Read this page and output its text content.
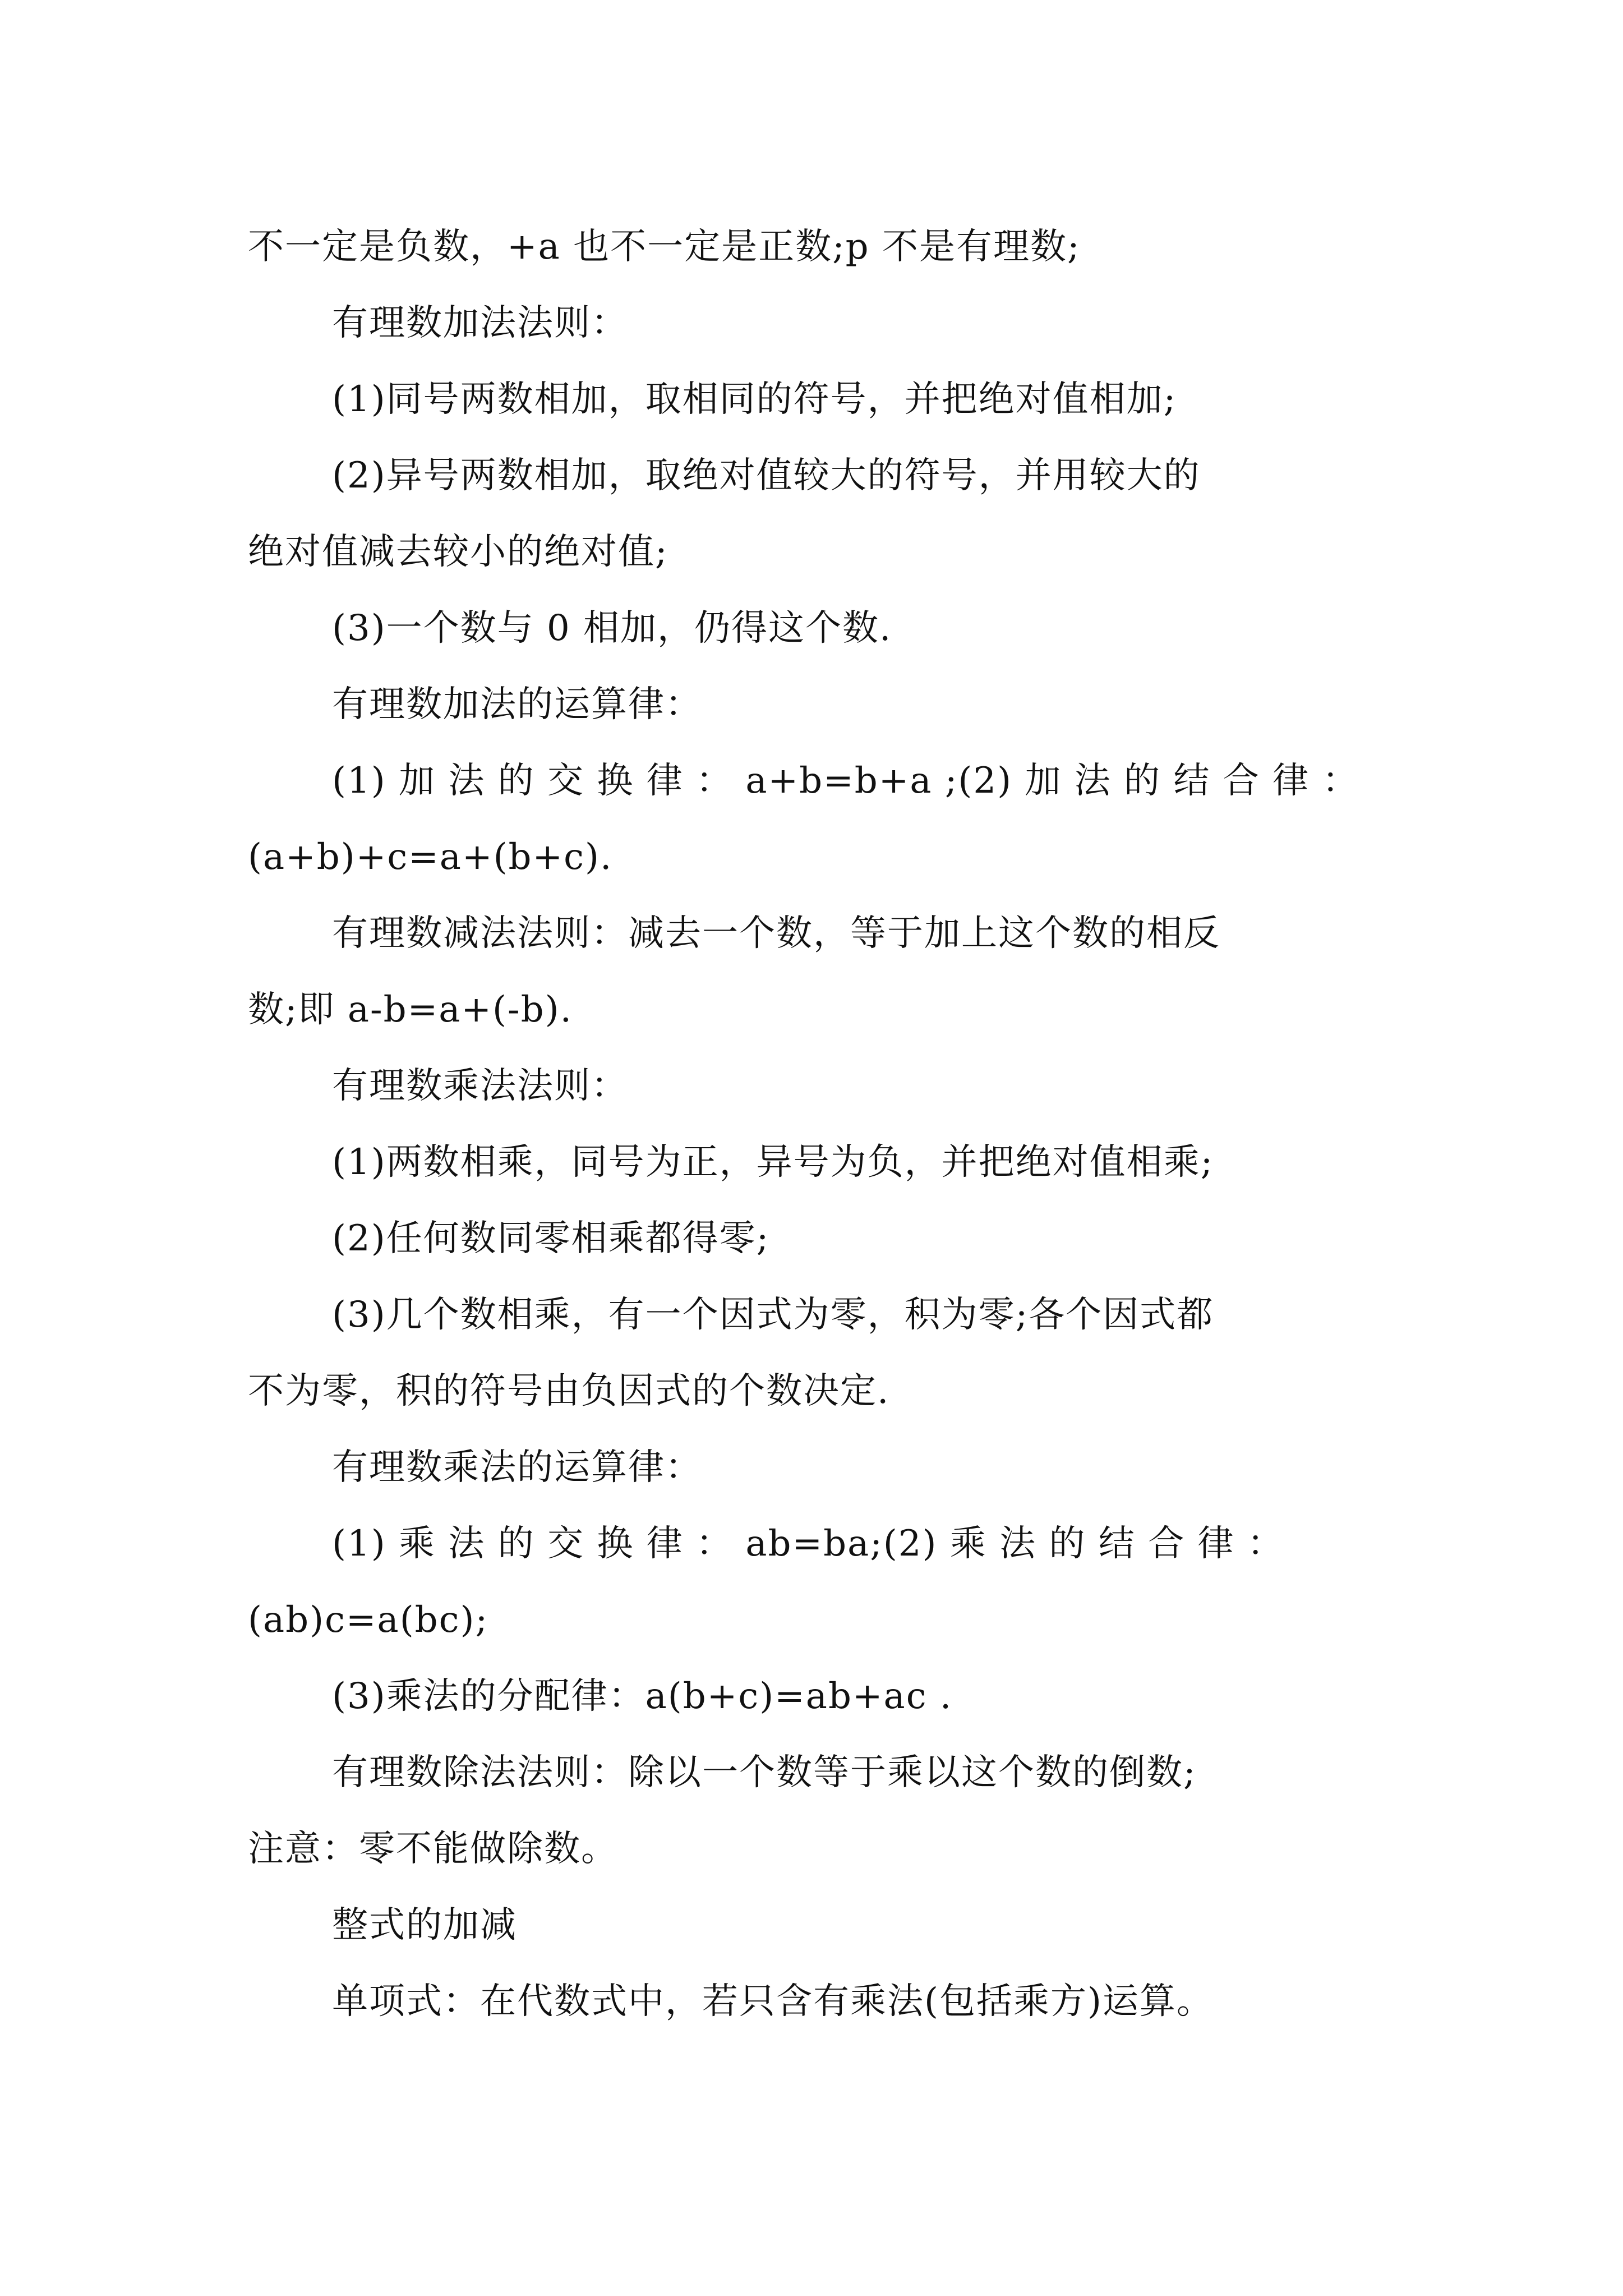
不一定是负数，+a 也不一定是正数;p 不是有理数;
有理数加法法则：
(1)同号两数相加，取相同的符号，并把绝对值相加;
(2)异号两数相加，取绝对值较大的符号，并用较大的
绝对值减去较小的绝对值;
(3)一个数与 0 相加，仍得这个数.
有理数加法的运算律：
(1) 加 法 的 交 换 律 ： a+b=b+a ;(2) 加 法 的 结 合 律 ：
(a+b)+c=a+(b+c).
有理数减法法则：减去一个数，等于加上这个数的相反
数;即 a-b=a+(-b).
有理数乘法法则：
(1)两数相乘，同号为正，异号为负，并把绝对值相乘;
(2)任何数同零相乘都得零;
(3)几个数相乘，有一个因式为零，积为零;各个因式都
不为零，积的符号由负因式的个数决定.
有理数乘法的运算律：
(1) 乘 法 的 交 换 律 ： ab=ba;(2) 乘 法 的 结 合 律 ：
(ab)c=a(bc);
(3)乘法的分配律：a(b+c)=ab+ac .
有理数除法法则：除以一个数等于乘以这个数的倒数;
注意：零不能做除数。
整式的加减
单项式：在代数式中，若只含有乘法(包括乘方)运算。
